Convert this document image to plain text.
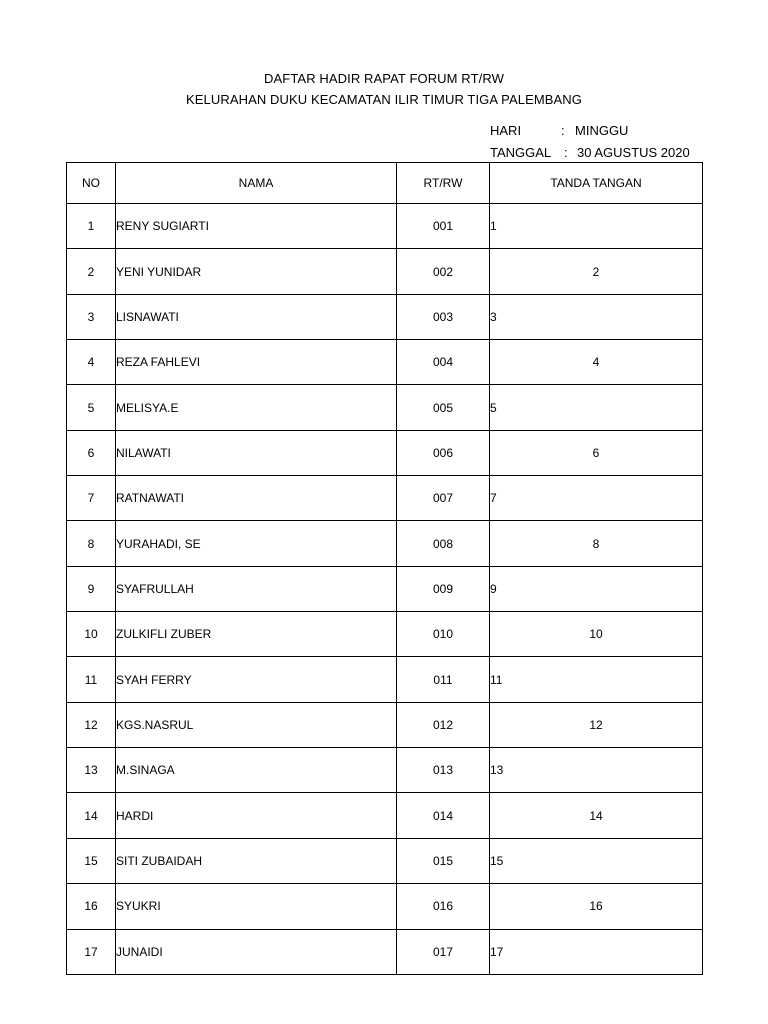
DAFTAR HADIR RAPAT FORUM RT/RW
KELURAHAN DUKU KECAMATAN ILIR TIMUR TIGA PALEMBANG
HARI	: MINGGU
TANGGAL : 30 AGUSTUS 2020
NO	NAMA	RT/RW	TANDA TANGAN
1	RENY SUGIARTI	001	1
2	YENI YUNIDAR	002	2
3	LISNAWATI	003	3
4	REZA FAHLEVI	004	4
5	MELISYA.E	005	5
6	NILAWATI	006	6
7	RATNAWATI	007	7
8	YURAHADI, SE	008	8
9	SYAFRULLAH	009	9
10	ZULKIFLI ZUBER	010	10
11	SYAH FERRY	011	11
12	KGS.NASRUL	012	12
13	M.SINAGA	013	13
14	HARDI	014	14
15	SITI ZUBAIDAH	015	15
16	SYUKRI	016	16
17	JUNAIDI	017	17
